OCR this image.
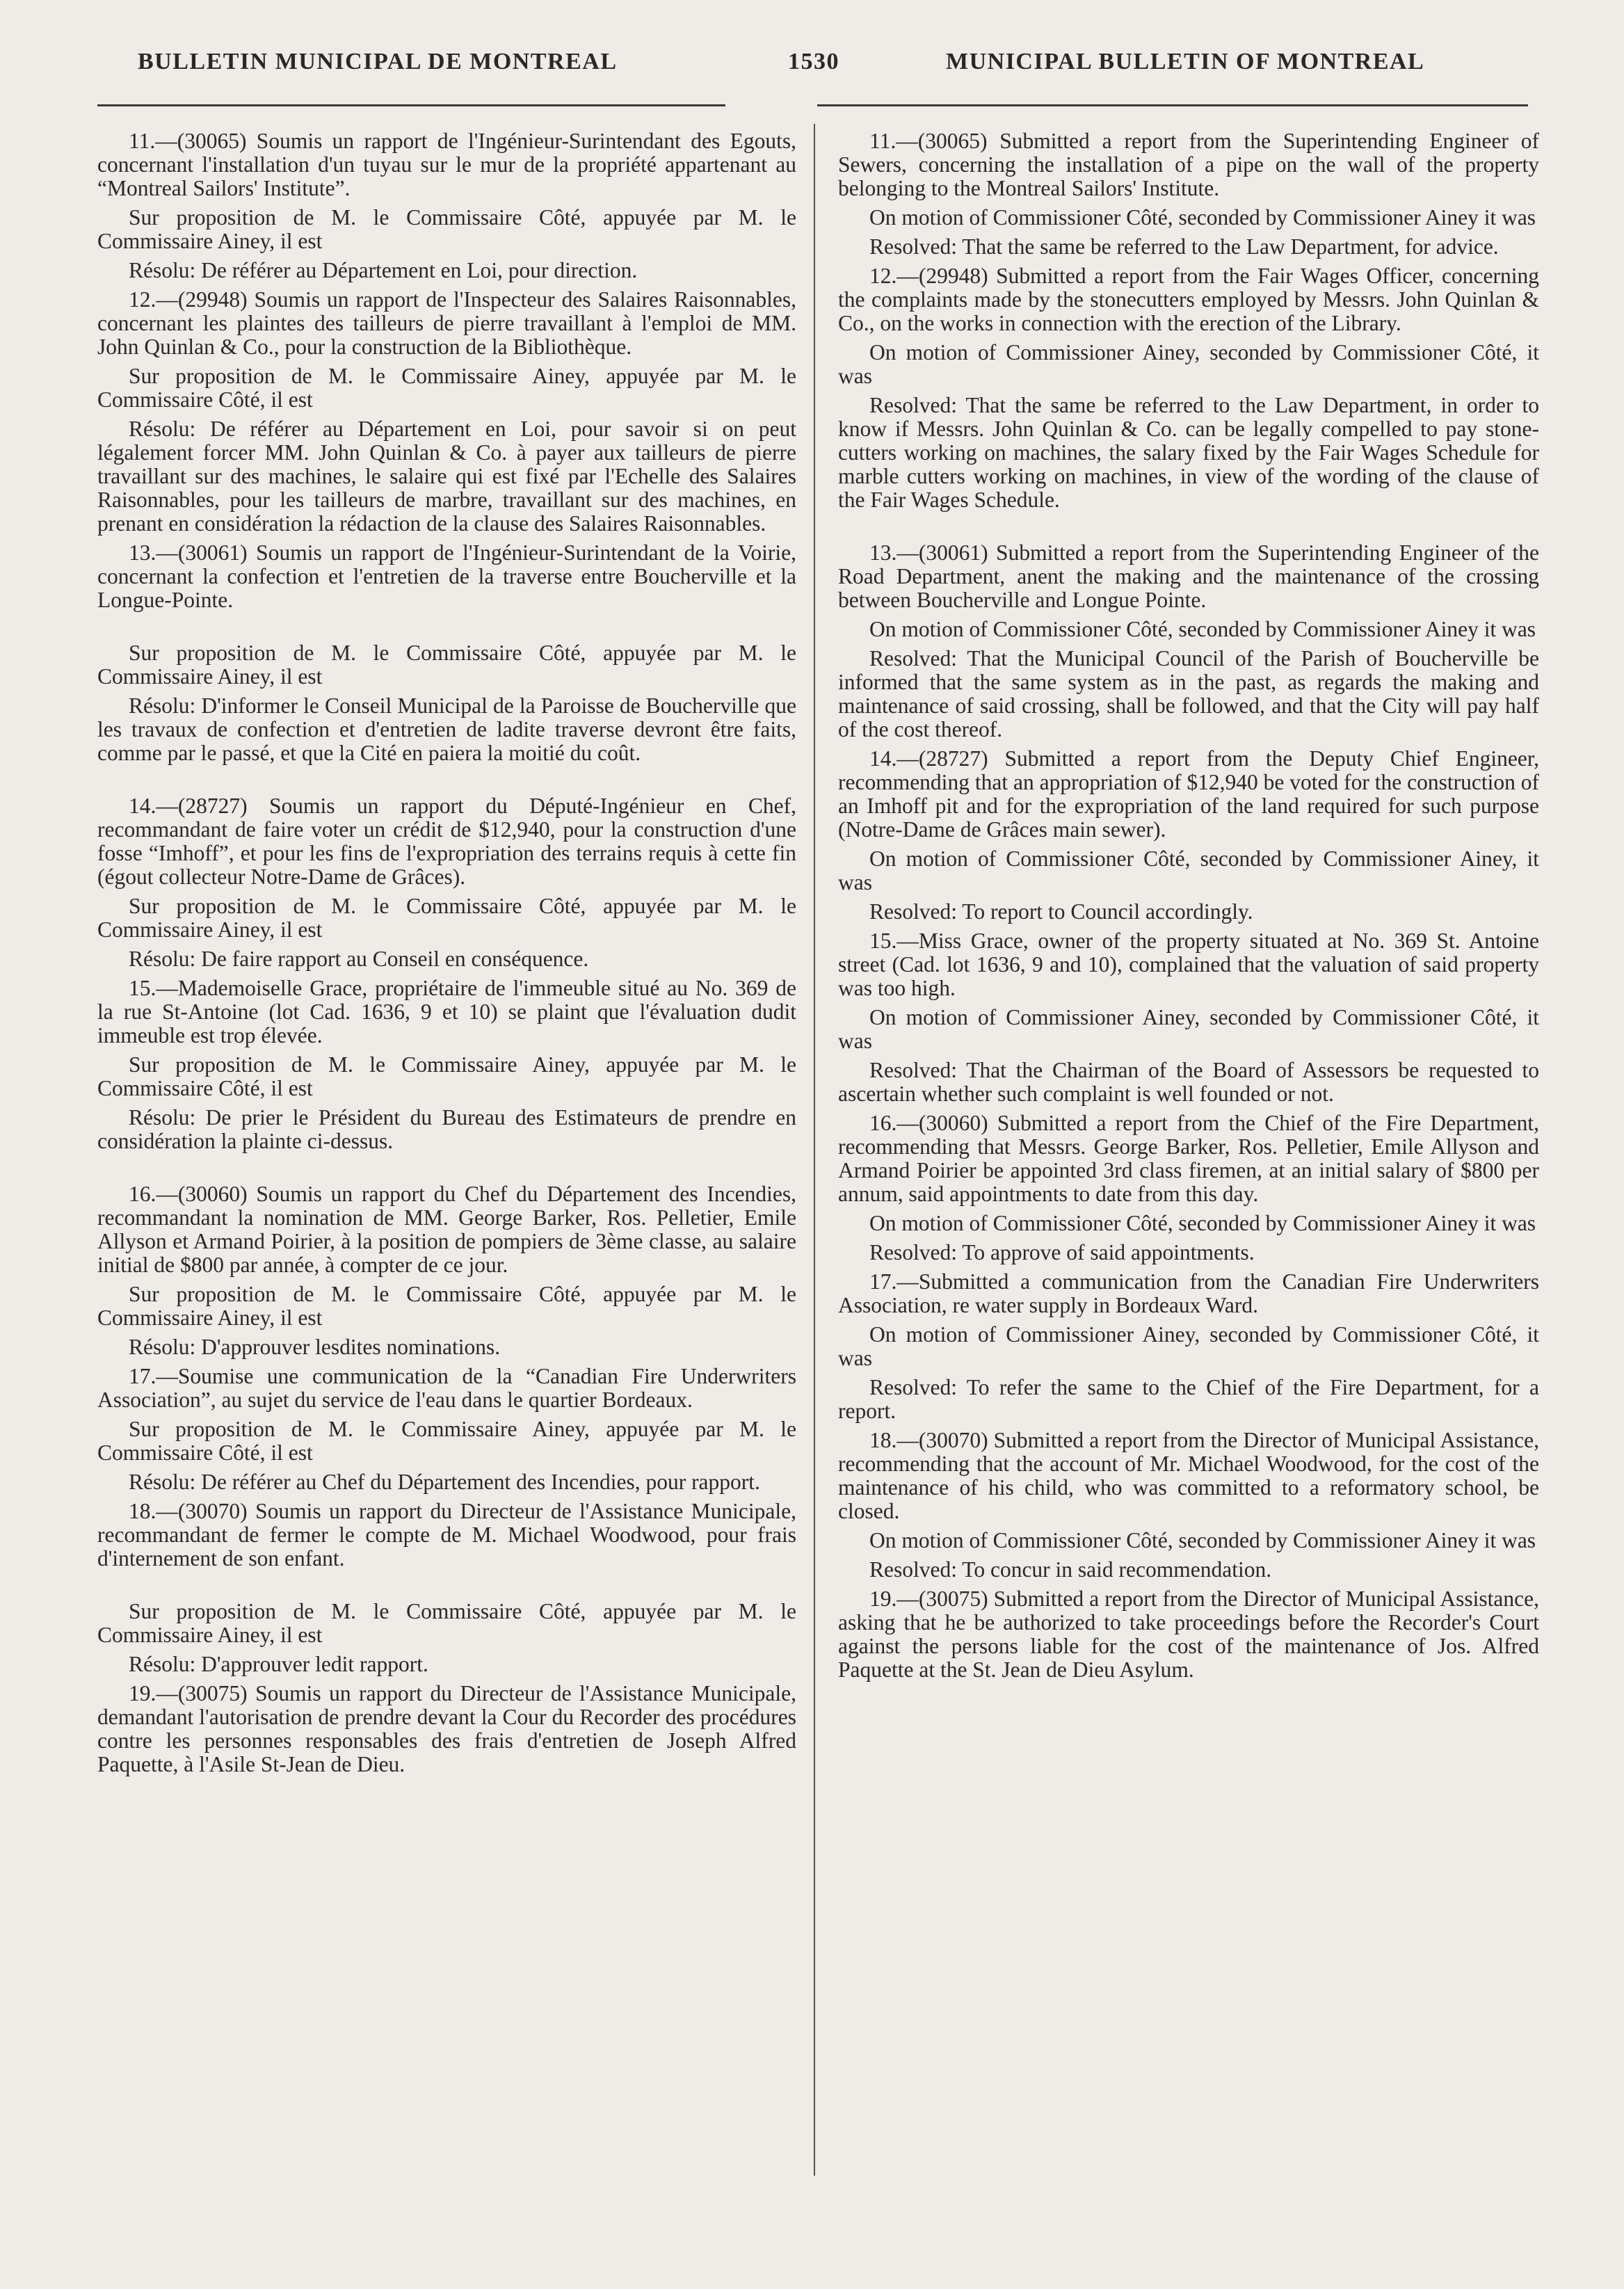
BULLETIN MUNICIPAL DE MONTREAL	1530	MUNICIPAL BULLETIN OF MONTREAL

11.—(30065) Soumis un rapport de l'Ingénieur-Surintendant des Egouts, concernant l'installation d'un tuyau sur le mur de la propriété appartenant au “Montreal Sailors' Institute”.

Sur proposition de M. le Commissaire Côté, appuyée par M. le Commissaire Ainey, il est

Résolu: De référer au Département en Loi, pour direction.

12.—(29948) Soumis un rapport de l'Inspecteur des Salaires Raisonnables, concernant les plaintes des tailleurs de pierre travaillant à l'emploi de MM. John Quinlan & Co., pour la construction de la Bibliothèque.

Sur proposition de M. le Commissaire Ainey, appuyée par M. le Commissaire Côté, il est

Résolu: De référer au Département en Loi, pour savoir si on peut légalement forcer MM. John Quinlan & Co. à payer aux tailleurs de pierre travaillant sur des machines, le salaire qui est fixé par l'Echelle des Salaires Raisonnables, pour les tailleurs de marbre, travaillant sur des machines, en prenant en considération la rédaction de la clause des Salaires Raisonnables.

13.—(30061) Soumis un rapport de l'Ingénieur-Surintendant de la Voirie, concernant la confection et l'entretien de la traverse entre Boucherville et la Longue-Pointe.

Sur proposition de M. le Commissaire Côté, appuyée par M. le Commissaire Ainey, il est

Résolu: D'informer le Conseil Municipal de la Paroisse de Boucherville que les travaux de confection et d'entretien de ladite traverse devront être faits, comme par le passé, et que la Cité en paiera la moitié du coût.

14.—(28727) Soumis un rapport du Député-Ingénieur en Chef, recommandant de faire voter un crédit de $12,940, pour la construction d'une fosse “Imhoff”, et pour les fins de l'expropriation des terrains requis à cette fin (égout collecteur Notre-Dame de Grâces).

Sur proposition de M. le Commissaire Côté, appuyée par M. le Commissaire Ainey, il est

Résolu: De faire rapport au Conseil en conséquence.

15.—Mademoiselle Grace, propriétaire de l'immeuble situé au No. 369 de la rue St-Antoine (lot Cad. 1636, 9 et 10) se plaint que l'évaluation dudit immeuble est trop élevée.

Sur proposition de M. le Commissaire Ainey, appuyée par M. le Commissaire Côté, il est

Résolu: De prier le Président du Bureau des Estimateurs de prendre en considération la plainte ci-dessus.

16.—(30060) Soumis un rapport du Chef du Département des Incendies, recommandant la nomination de MM. George Barker, Ros. Pelletier, Emile Allyson et Armand Poirier, à la position de pompiers de 3ème classe, au salaire initial de $800 par année, à compter de ce jour.

Sur proposition de M. le Commissaire Côté, appuyée par M. le Commissaire Ainey, il est

Résolu: D'approuver lesdites nominations.

17.—Soumise une communication de la “Canadian Fire Underwriters Association”, au sujet du service de l'eau dans le quartier Bordeaux.

Sur proposition de M. le Commissaire Ainey, appuyée par M. le Commissaire Côté, il est

Résolu: De référer au Chef du Département des Incendies, pour rapport.

18.—(30070) Soumis un rapport du Directeur de l'Assistance Municipale, recommandant de fermer le compte de M. Michael Woodwood, pour frais d'internement de son enfant.

Sur proposition de M. le Commissaire Côté, appuyée par M. le Commissaire Ainey, il est

Résolu: D'approuver ledit rapport.

19.—(30075) Soumis un rapport du Directeur de l'Assistance Municipale, demandant l'autorisation de prendre devant la Cour du Recorder des procédures contre les personnes responsables des frais d'entretien de Joseph Alfred Paquette, à l'Asile St-Jean de Dieu.

11.—(30065) Submitted a report from the Superintending Engineer of Sewers, concerning the installation of a pipe on the wall of the property belonging to the Montreal Sailors' Institute.

On motion of Commissioner Côté, seconded by Commissioner Ainey it was

Resolved: That the same be referred to the Law Department, for advice.

12.—(29948) Submitted a report from the Fair Wages Officer, concerning the complaints made by the stonecutters employed by Messrs. John Quinlan & Co., on the works in connection with the erection of the Library.

On motion of Commissioner Ainey, seconded by Commissioner Côté, it was

Resolved: That the same be referred to the Law Department, in order to know if Messrs. John Quinlan & Co. can be legally compelled to pay stone-cutters working on machines, the salary fixed by the Fair Wages Schedule for marble cutters working on machines, in view of the wording of the clause of the Fair Wages Schedule.

13.—(30061) Submitted a report from the Superintending Engineer of the Road Department, anent the making and the maintenance of the crossing between Boucherville and Longue Pointe.

On motion of Commissioner Côté, seconded by Commissioner Ainey it was

Resolved: That the Municipal Council of the Parish of Boucherville be informed that the same system as in the past, as regards the making and maintenance of said crossing, shall be followed, and that the City will pay half of the cost thereof.

14.—(28727) Submitted a report from the Deputy Chief Engineer, recommending that an appropriation of $12,940 be voted for the construction of an Imhoff pit and for the expropriation of the land required for such purpose (Notre-Dame de Grâces main sewer).

On motion of Commissioner Côté, seconded by Commissioner Ainey, it was

Resolved: To report to Council accordingly.

15.—Miss Grace, owner of the property situated at No. 369 St. Antoine street (Cad. lot 1636, 9 and 10), complained that the valuation of said property was too high.

On motion of Commissioner Ainey, seconded by Commissioner Côté, it was

Resolved: That the Chairman of the Board of Assessors be requested to ascertain whether such complaint is well founded or not.

16.—(30060) Submitted a report from the Chief of the Fire Department, recommending that Messrs. George Barker, Ros. Pelletier, Emile Allyson and Armand Poirier be appointed 3rd class firemen, at an initial salary of $800 per annum, said appointments to date from this day.

On motion of Commissioner Côté, seconded by Commissioner Ainey it was

Resolved: To approve of said appointments.

17.—Submitted a communication from the Canadian Fire Underwriters Association, re water supply in Bordeaux Ward.

On motion of Commissioner Ainey, seconded by Commissioner Côté, it was

Resolved: To refer the same to the Chief of the Fire Department, for a report.

18.—(30070) Submitted a report from the Director of Municipal Assistance, recommending that the account of Mr. Michael Woodwood, for the cost of the maintenance of his child, who was committed to a reformatory school, be closed.

On motion of Commissioner Côté, seconded by Commissioner Ainey it was

Resolved: To concur in said recommendation.

19.—(30075) Submitted a report from the Director of Municipal Assistance, asking that he be authorized to take proceedings before the Recorder's Court against the persons liable for the cost of the maintenance of Jos. Alfred Paquette at the St. Jean de Dieu Asylum.
